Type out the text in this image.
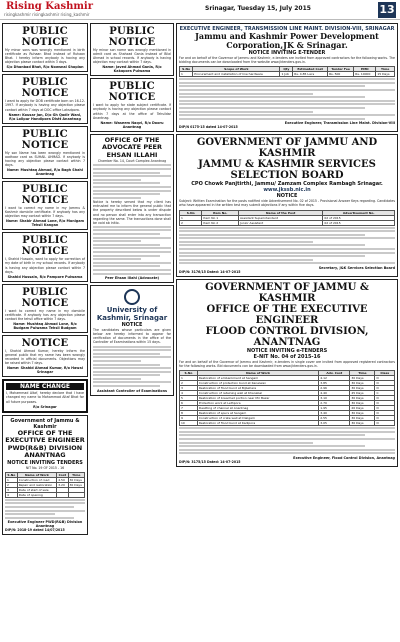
Rising Kashmir
risingkashmir risingkashmir rising_kashmir
Srinagar, Tuesday 15, July 2015	13
PUBLIC NOTICE
My minor sons was wrongly mentioned in birth certificate as Ruhaan Bhat instead of Ruhaan Bhat. I hereby inform anybody is having any objection please contact within 3 days.
S/o Dhanbad Bhat, R/o Nowsnal Shopian
PUBLIC NOTICE
I want to apply for DOB certificate born on 16-12-1997. If anybody is having any objection please contact within 7 days at DOC office Laksdpora.
Name: Kousar Jan, D/o Gh Qadir Wani, R/o Lolipur Handipora Distt Anantnag
PUBLIC NOTICE
My son Name has been wrongly mentioned in aadhaar card as SUHAIL AHMAD. If anybody is having any objection please contact within 7 days.
Name: Mushtaq Ahmad, R/o Bagh Shahi Anantnag
PUBLIC NOTICE
I want to correct my name in my Jammu & Kashmir domicile certificate. If anybody has any objection may contact within 7 days.
Name: Shabir Ahmad Lone, R/o Manigam Tehsil Kangan
PUBLIC NOTICE
I, Shahid Hussain, want to apply for correction of my date of birth in my school records. If anybody is having any objection please contact within 7 days.
Shahid Hussain, R/o Pampore Pulwama
PUBLIC NOTICE
I want to correct my name in my domicile certificate. If anybody has any objection please contact the tehsil office within 7 days.
Name: Mushtaq Ahmad Lone, R/o Budgam Pulwama Tehsil Budgam
NOTICE
I, Shahid Ahmad Kumar, hereby inform the general public that my name has been wrongly recorded in official documents. Objections may be raised within 7 days.
Name: Shahid Ahmad Kumar, R/o Hawal Srinagar
NAME CHANGE
I, Mohammad Altaf, hereby declare that I have changed my name to Mohammad Altaf Bhat for all future purposes.
R/o Srinagar
Government of Jammu & Kashmir
OFFICE OF THE EXECUTIVE ENGINEER PWD(R&B) DIVISION ANANTNAG
NOTICE INVITING TENDERS
NIT No. 19 OF 2015 - 16
S.No	Name of Work	Cost	Time
1	Construction of road	4.50	30 Days
2	Repair and restoration	3.20	30 Days
3	Date of start of sale		
4	Date of opening		
Executive Engineer PWD(R&B) Division Anantnag
DIP/N: 2018-19 dated 14/07/2015
PUBLIC NOTICE
My minor son name was wrongly mentioned in admit card as Shahzad Gania instead of Bilal Ahmad in school records. If anybody is having objection may contact within 7 days.
Name: Javed Ahmad Gania, R/o Kakapora Pulwama
PUBLIC NOTICE
I want to apply for state subject certificate. If anybody is having any objection please contact within 7 days at the office of Tehsildar Anantnag.
Name: Waseem Naqvi, R/o Dooru Anantnag
OFFICE OF THE ADVOCATE PEER EHSAN ILLAHI
Chamber No. 14, Court Complex Anantnag
Notice is hereby served that my client has entrusted me to inform the general public that the property described below is under dispute and no person shall enter into any transaction regarding the same. The transactions done shall be void ab initio.
Peer Ehsan Illahi (Advocate)
University of Kashmir, Srinagar
NOTICE
The candidates whose particulars are given below are hereby informed to appear for verification of documents in the office of the Controller of Examinations within 15 days.
Assistant Controller of Examinations
EXECUTIVE ENGINEER, TRANSMISSION LINE MAINT. DIVISION-VIII, SRINAGAR
Jammu and Kashmir Power Development Corporation,JK & Srinagar.
NOTICE INVITING E-TENDER
For and on behalf of the Governor of Jammu and Kashmir, e-tenders are invited from approved contractors for the following works. The bidding documents can be downloaded from the website www.jktenders.gov.in.
S.No	Scope of Work	Qty	Estimated Cost	Tender Fee	EMD	Time
1	Procurement and installation of line hardware	1 Job	Rs. 4.85 Lacs	Rs. 500	Rs. 10000	15 Days
Executive Engineer, Transmission Line Maint. Division-VIII
DIP/N 0175-15 dated 14-07-2015
GOVERNMENT OF JAMMU AND KASHMIR
JAMMU & KASHMIR SERVICES SELECTION BOARD
CPO Chowk Panjtirthi, Jammu/ Zamzam Complex Rambagh Srinagar.
www.jkssb.nic.in
NOTICE
Subject: Written Examination for the posts notified vide Advertisement No. 02 of 2015 - Provisional Answer Keys regarding. Candidates who have appeared in the written test may submit objections if any within five days.
S.No	Item No.	Name of the Post	Advertisement No.
1	Item No 1	Assistant Superintendent	02 of 2015
2	Item No 2	Junior Assistant	02 of 2015
Secretary, J&K Services Selection Board
DIP/N: 3176/15 Dated: 14-07-2015
GOVERNMENT OF JAMMU & KASHMIR
OFFICE OF THE EXECUTIVE ENGINEER
FLOOD CONTROL DIVISION, ANANTNAG
NOTICE INVITING e-TENDERS
E-NIT No. 04 of 2015-16
For and on behalf of the Governor of Jammu and Kashmir, e-tenders in single cover are invited from approved registered contractors for the following works. Bid documents can be downloaded from www.jktenders.gov.in.
S.No	Name of Work	Adv. Cost	Time	Class
1	Restoration of embankment at Sangam	4.12	30 Days	D
2	Construction of protection bund at Kanelwan	3.85	30 Days	D
3	Restoration of flood bund at Bijbehara	2.96	30 Days	D
4	Construction of retaining wall at Khanabal	4.40	45 Days	C
5	Restoration of breached portion near Mir Bazar	3.10	30 Days	D
6	Protection work at Lethpora	2.70	30 Days	D
7	Desilting of channel at Anantnag	1.95	20 Days	D
8	Restoration of spurs at Sangam	3.40	30 Days	D
9	Construction of crate wall at Dialgam	2.55	30 Days	D
10	Restoration of flood bund at Kadipora	3.05	30 Days	D
Executive Engineer, Flood Control Division, Anantnag
DIP/N: 3175/15 Dated: 14-07-2015
